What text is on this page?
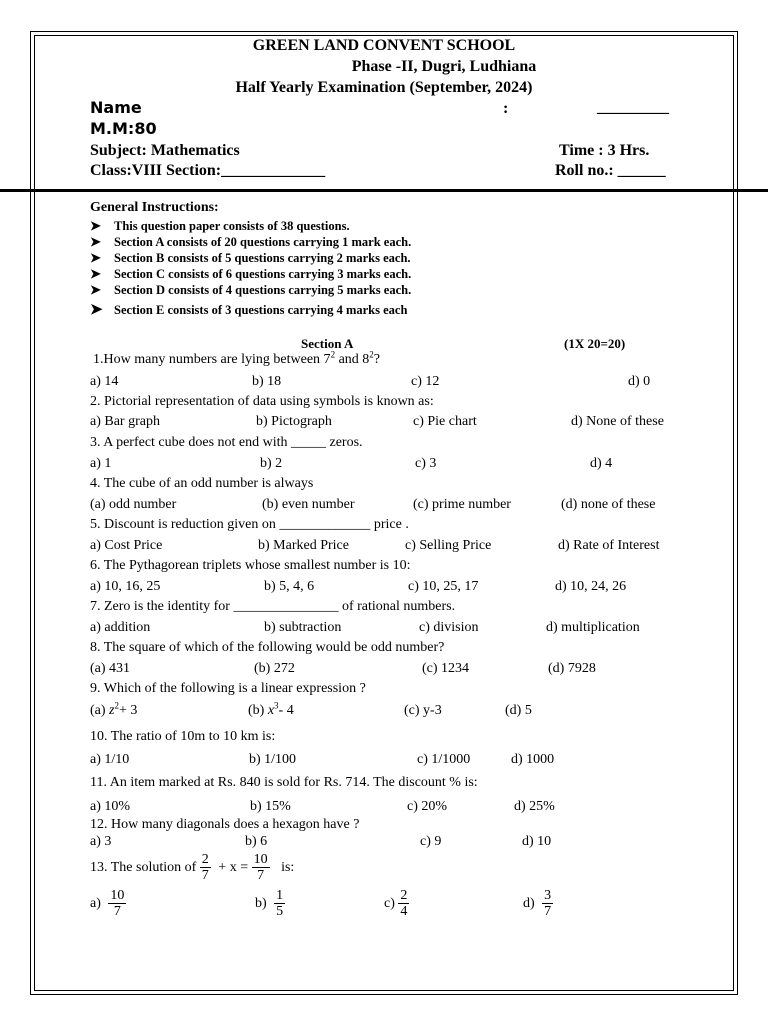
GREEN LAND CONVENT SCHOOL
Phase -II, Dugri, Ludhiana
Half Yearly Examination (September, 2024)
Name	:	_________
M.M:80
Subject: Mathematics	Time : 3 Hrs.
Class:VIII Section:_____________	Roll no.: ______
General Instructions:
➤ This question paper consists of 38 questions.
➤ Section A consists of 20 questions carrying 1 mark each.
➤ Section B consists of 5 questions carrying 2 marks each.
➤ Section C consists of 6 questions carrying 3 marks each.
➤ Section D consists of 4 questions carrying 5 marks each.
➤ Section E consists of 3 questions carrying 4 marks each
Section A	(1X 20=20)
1.How many numbers are lying between $7^2$ and $8^2$?
a) 14	b) 18	c) 12	d) 0
2. Pictorial representation of data using symbols is known as:
a) Bar graph	b) Pictograph	c) Pie chart	d) None of these
3. A perfect cube does not end with _____ zeros.
a) 1	b) 2	c) 3	d) 4
4. The cube of an odd number is always
(a) odd number	(b) even number	(c) prime number	(d) none of these
5. Discount is reduction given on _____________ price .
a) Cost Price	b) Marked Price	c) Selling Price	d) Rate of Interest
6. The Pythagorean triplets whose smallest number is 10:
a) 10, 16, 25	b) 5, 4, 6	c) 10, 25, 17	d) 10, 24, 26
7. Zero is the identity for _______________ of rational numbers.
a) addition	b) subtraction	c) division	d) multiplication
8. The square of which of the following would be odd number?
(a) 431	(b) 272	(c) 1234	(d) 7928
9. Which of the following is a linear expression ?
(a) $z^2+ 3$	(b) $x^3-$ 4	(c) y-3	(d) 5
10. The ratio of 10m to 10 km is:
a) 1/10	b) 1/100	c) 1/1000	d) 1000
11. An item marked at Rs. 840 is sold for Rs. 714. The discount % is:
a) 10%	b) 15%	c) 20%	d) 25%
12. How many diagonals does a hexagon have ?
a) 3	b) 6	c) 9	d) 10
13. The solution of $\frac{2}{7} + x = \frac{10}{7}$ is:
$a) \frac{10}{7}$	$b) \frac{1}{5}$	$c) \frac{2}{4}$	$d) \frac{3}{7}$
